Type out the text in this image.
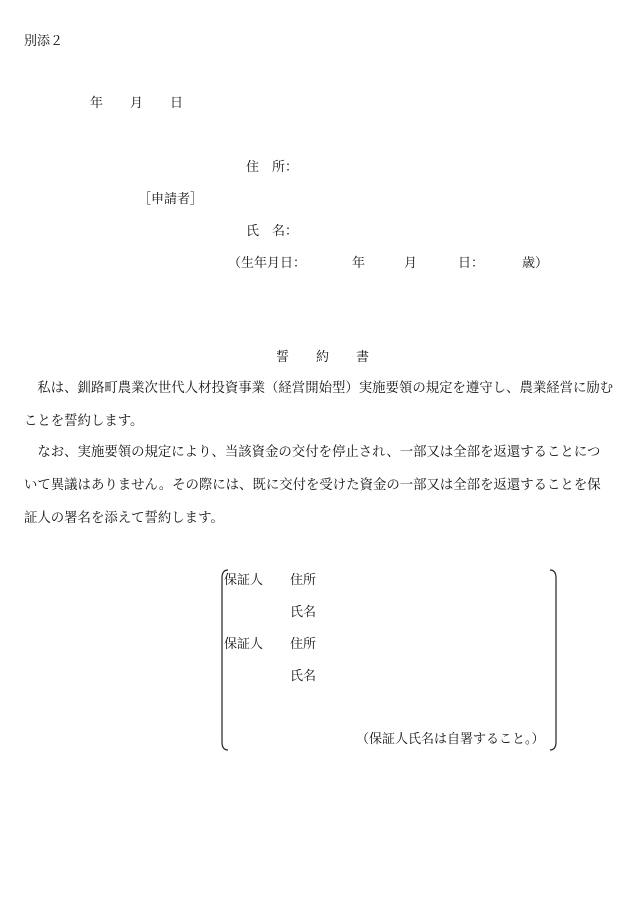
別添２
年 月 日
住　所：
［申請者］
氏　名：
（生年月日：	年	月	日：	歳）
誓 約 書
　私は、釧路町農業次世代人材投資事業（経営開始型）実施要領の規定を遵守し、農業経営に励む
ことを誓約します。
　なお、実施要領の規定により、当該資金の交付を停止され、一部又は全部を返還することにつ
いて異議はありません。その際には、既に交付を受けた資金の一部又は全部を返還することを保
証人の署名を添えて誓約します。
保証人 住所
氏名
保証人 住所
氏名
（保証人氏名は自署すること。）
